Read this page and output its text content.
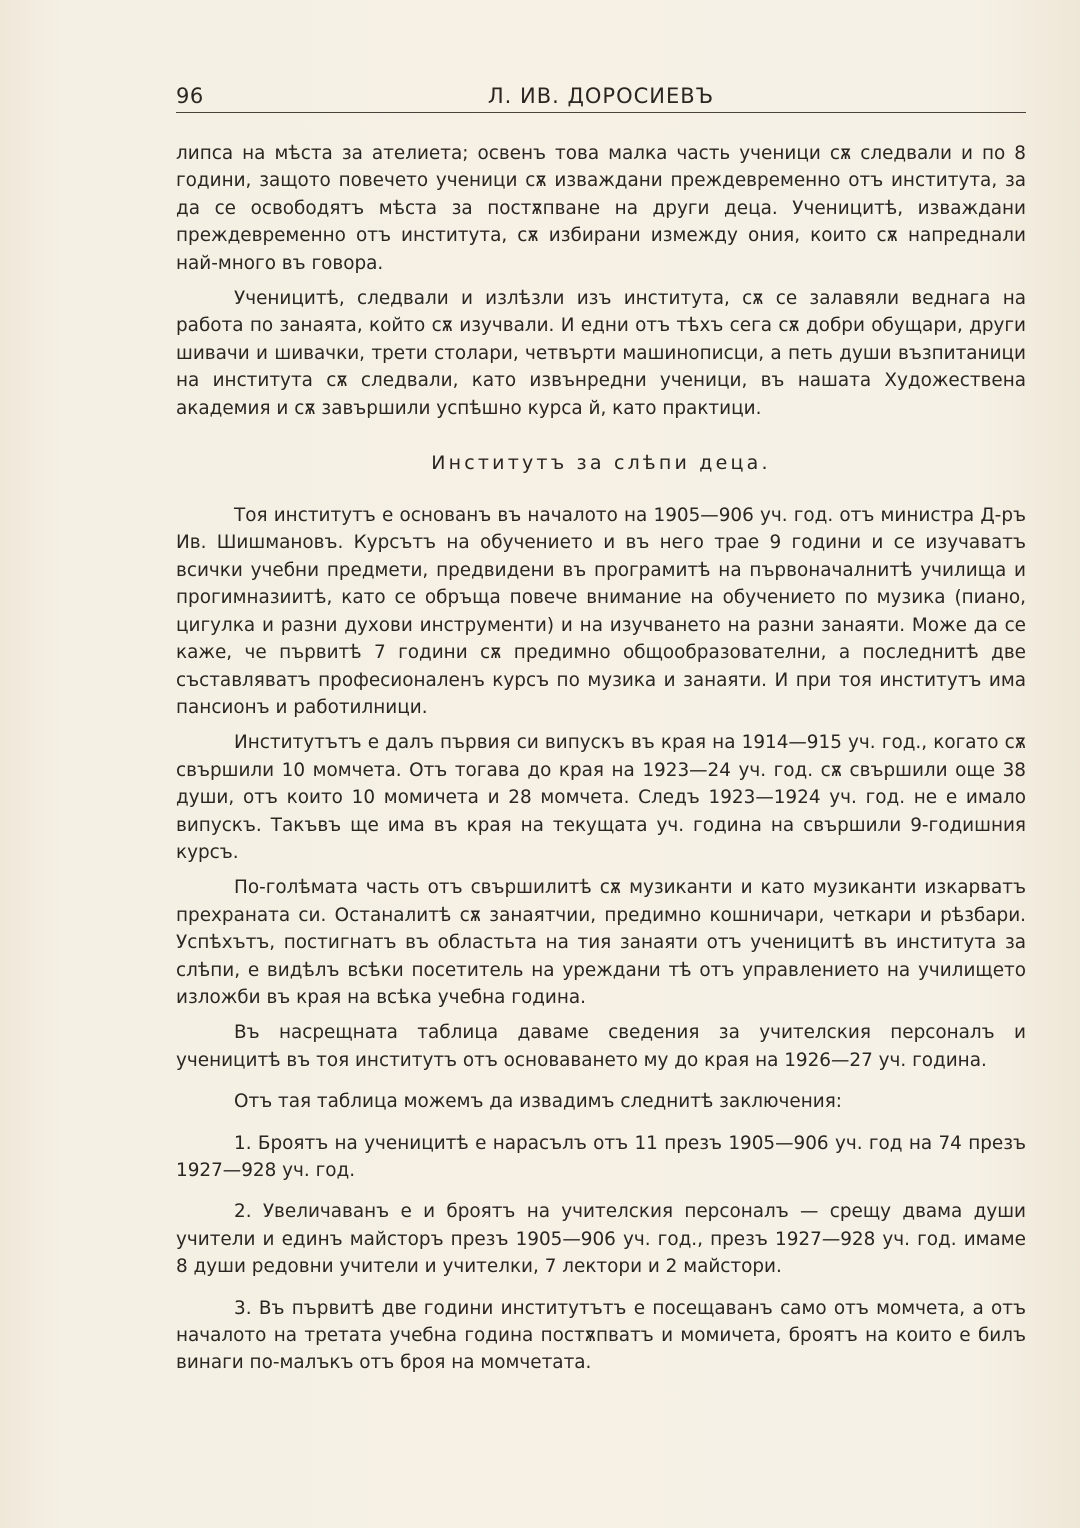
96	Л. ИВ. ДОРОСИЕВЪ

липса на мѣста за ателиета; освенъ това малка часть ученици сѫ следвали и по 8 години, защото повечето ученици сѫ изваждани преждевременно отъ института, за да се освободятъ мѣста за постѫпване на други деца. Ученицитѣ, изваждани преждевременно отъ института, сѫ избирани измежду ония, които сѫ напреднали най-много въ говора.

Ученицитѣ, следвали и излѣзли изъ института, сѫ се залавяли веднага на работа по занаята, който сѫ изучвали. И едни отъ тѣхъ сега сѫ добри обущари, други шивачи и шивачки, трети столари, четвърти машинописци, а петь души възпитаници на института сѫ следвали, като извънредни ученици, въ нашата Художествена академия и сѫ завършили успѣшно курса й, като практици.

Институтъ за слѣпи деца.

Тоя институтъ е основанъ въ началото на 1905—906 уч. год. отъ министра Д-ръ Ив. Шишмановъ. Курсътъ на обучението и въ него трае 9 години и се изучаватъ всички учебни предмети, предвидени въ програмитѣ на първоначалнитѣ училища и прогимназиитѣ, като се обръща повече внимание на обучението по музика (пиано, цигулка и разни духови инструменти) и на изучването на разни занаяти. Може да се каже, че първитѣ 7 години сѫ предимно общообразователни, а последнитѣ две съставляватъ професионаленъ курсъ по музика и занаяти. И при тоя институтъ има пансионъ и работилници.

Институтътъ е далъ първия си випускъ въ края на 1914—915 уч. год., когато сѫ свършили 10 момчета. Отъ тогава до края на 1923—24 уч. год. сѫ свършили още 38 души, отъ които 10 момичета и 28 момчета. Следъ 1923—1924 уч. год. не е имало випускъ. Такъвъ ще има въ края на текущата уч. година на свършили 9-годишния курсъ.

По-голѣмата часть отъ свършилитѣ сѫ музиканти и като музиканти изкарватъ прехраната си. Останалитѣ сѫ занаятчии, предимно кошничари, четкари и рѣзбари. Успѣхътъ, постигнатъ въ областьта на тия занаяти отъ ученицитѣ въ института за слѣпи, е видѣлъ всѣки посетитель на уреждани тѣ отъ управлението на училището изложби въ края на всѣка учебна година.

Въ насрещната таблица даваме сведения за учителския персоналъ и ученицитѣ въ тоя институтъ отъ основаването му до края на 1926—27 уч. година.

Отъ тая таблица можемъ да извадимъ следнитѣ заключения:

1. Броятъ на ученицитѣ е нарасълъ отъ 11 презъ 1905—906 уч. год на 74 презъ 1927—928 уч. год.

2. Увеличаванъ е и броятъ на учителския персоналъ — срещу двама души учители и единъ майсторъ презъ 1905—906 уч. год., презъ 1927—928 уч. год. имаме 8 души редовни учители и учителки, 7 лектори и 2 майстори.

3. Въ първитѣ две години институтътъ е посещаванъ само отъ момчета, а отъ началото на третата учебна година постѫпватъ и момичета, броятъ на които е билъ винаги по-малъкъ отъ броя на момчетата.
